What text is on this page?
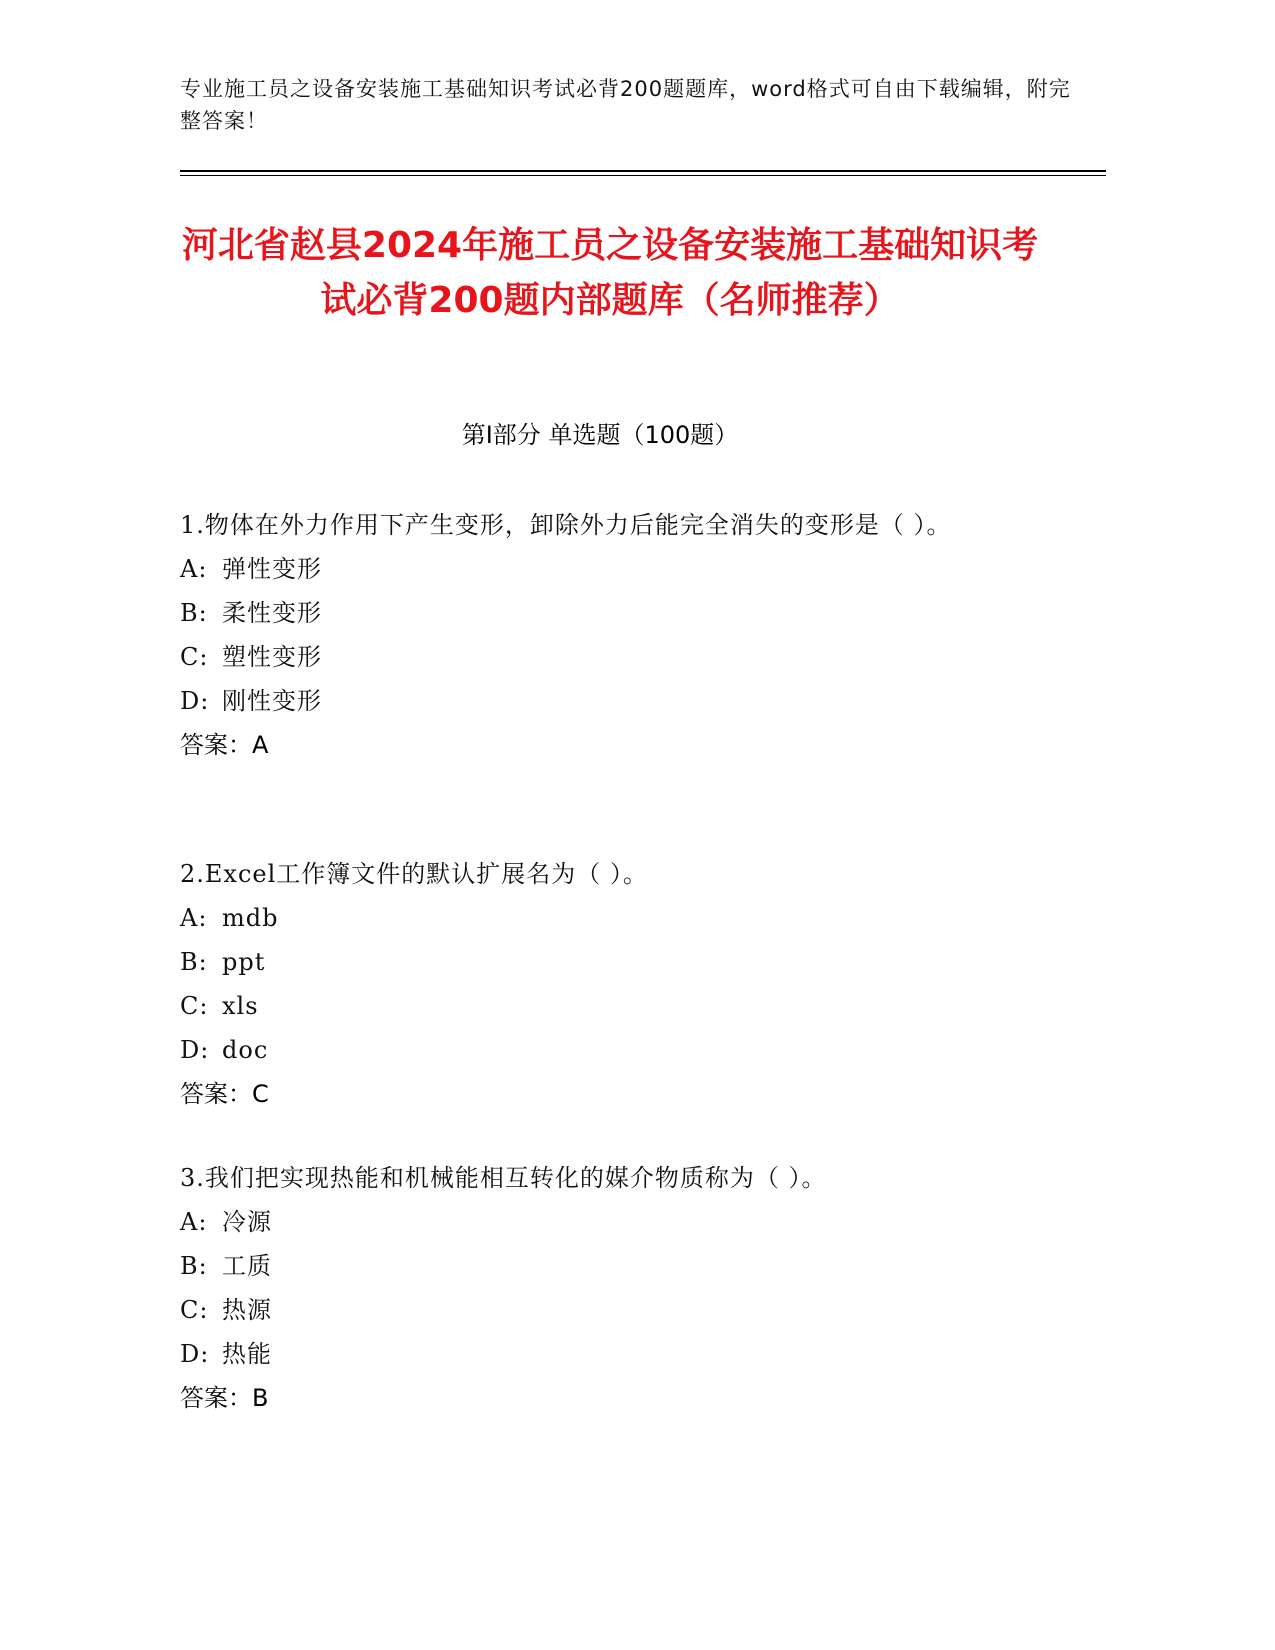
专业施工员之设备安装施工基础知识考试必背200题题库，word格式可自由下载编辑，附完整答案！
河北省赵县2024年施工员之设备安装施工基础知识考试必背200题内部题库（名师推荐）
第I部分 单选题（100题）
1.物体在外力作用下产生变形，卸除外力后能完全消失的变形是（ ）。
A: 弹性变形
B: 柔性变形
C: 塑性变形
D: 刚性变形
答案：A
2.Excel工作簿文件的默认扩展名为（ ）。
A: mdb
B: ppt
C: xls
D: doc
答案：C
3.我们把实现热能和机械能相互转化的媒介物质称为（ ）。
A: 冷源
B: 工质
C: 热源
D: 热能
答案：B
